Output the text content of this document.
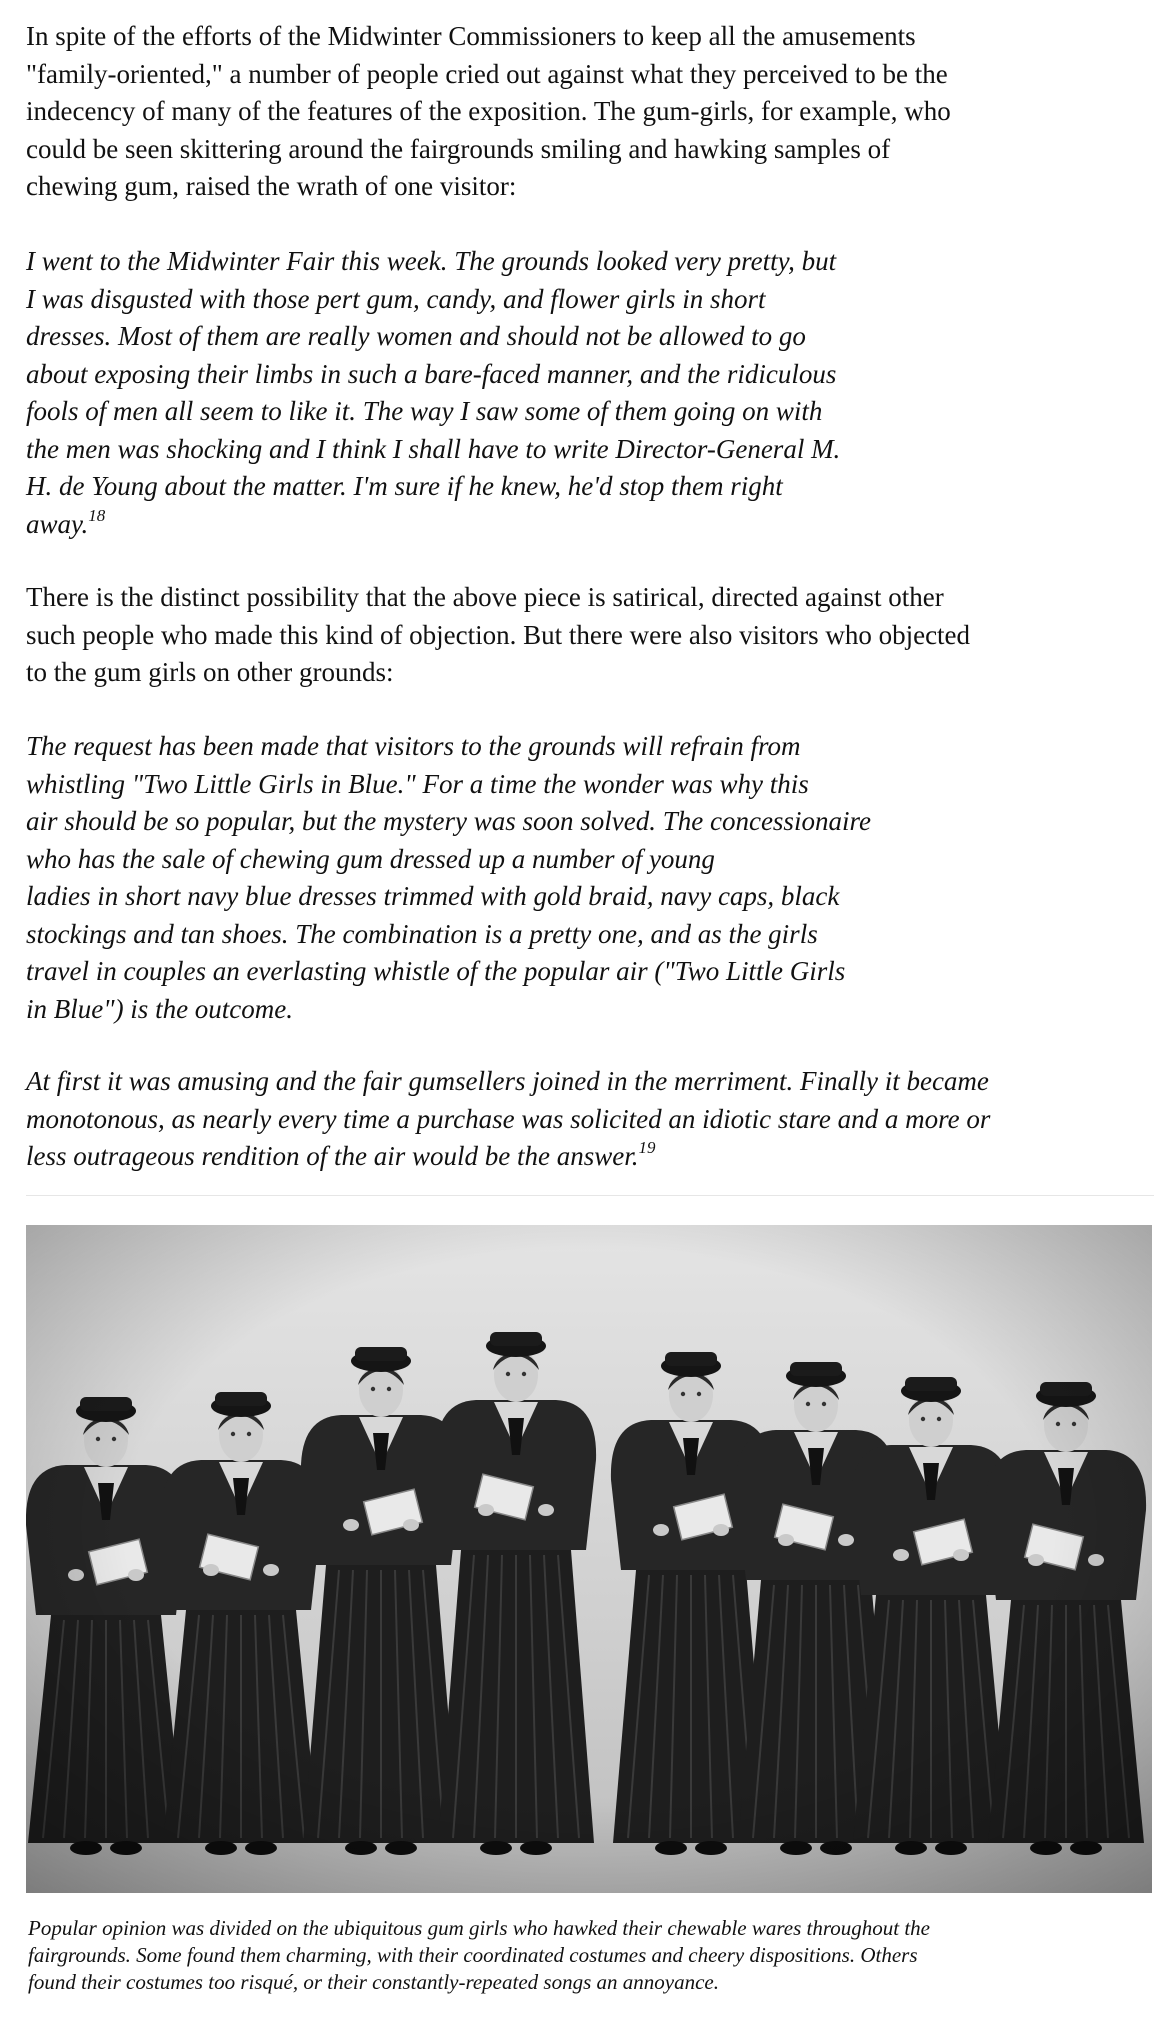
In spite of the efforts of the Midwinter Commissioners to keep all the amusements
"family-oriented," a number of people cried out against what they perceived to be the
indecency of many of the features of the exposition. The gum-girls, for example, who
could be seen skittering around the fairgrounds smiling and hawking samples of
chewing gum, raised the wrath of one visitor:

I went to the Midwinter Fair this week. The grounds looked very pretty, but
I was disgusted with those pert gum, candy, and flower girls in short
dresses. Most of them are really women and should not be allowed to go
about exposing their limbs in such a bare-faced manner, and the ridiculous
fools of men all seem to like it. The way I saw some of them going on with
the men was shocking and I think I shall have to write Director-General M.
H. de Young about the matter. I'm sure if he knew, he'd stop them right
away.$^{18}$

There is the distinct possibility that the above piece is satirical, directed against other
such people who made this kind of objection. But there were also visitors who objected
to the gum girls on other grounds:

The request has been made that visitors to the grounds will refrain from
whistling "Two Little Girls in Blue." For a time the wonder was why this
air should be so popular, but the mystery was soon solved. The concessionaire
who has the sale of chewing gum dressed up a number of young
ladies in short navy blue dresses trimmed with gold braid, navy caps, black
stockings and tan shoes. The combination is a pretty one, and as the girls
travel in couples an everlasting whistle of the popular air ("Two Little Girls
in Blue") is the outcome.

At first it was amusing and the fair gumsellers joined in the merriment. Finally it became
monotonous, as nearly every time a purchase was solicited an idiotic stare and a more or
less outrageous rendition of the air would be the answer.$^{19}$

Popular opinion was divided on the ubiquitous gum girls who hawked their chewable wares throughout the
fairgrounds. Some found them charming, with their coordinated costumes and cheery dispositions. Others
found their costumes too risqué, or their constantly-repeated songs an annoyance.
